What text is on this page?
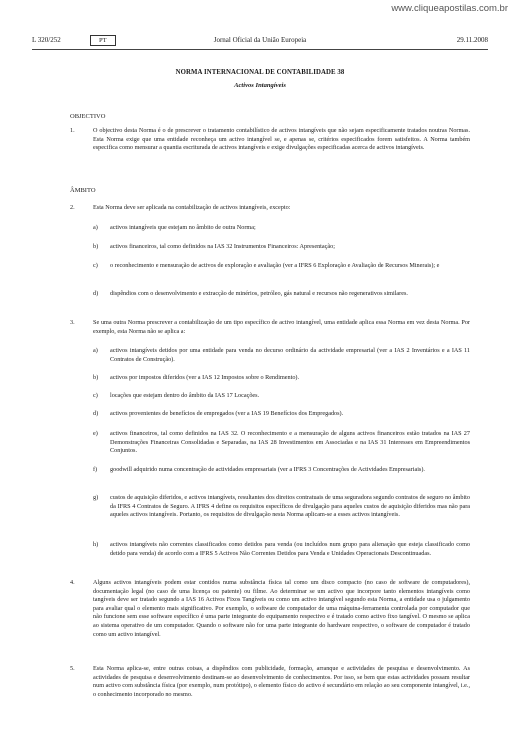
www.cliqueapostilas.com.br
L 320/252	PT	Jornal Oficial da União Europeia	29.11.2008
NORMA INTERNACIONAL DE CONTABILIDADE 38
Activos Intangíveis
OBJECTIVO
1.	O objectivo desta Norma é o de prescrever o tratamento contabilístico de activos intangíveis que não sejam especificamente tratados noutras Normas. Esta Norma exige que uma entidade reconheça um activo intangível se, e apenas se, critérios especificados forem satisfeitos. A Norma também especifica como mensurar a quantia escriturada de activos intangíveis e exige divulgações especificadas acerca de activos intangíveis.
ÂMBITO
2.	Esta Norma deve ser aplicada na contabilização de activos intangíveis, excepto:
a) activos intangíveis que estejam no âmbito de outra Norma;
b) activos financeiros, tal como definidos na IAS 32 Instrumentos Financeiros: Apresentação;
c) o reconhecimento e mensuração de activos de exploração e avaliação (ver a IFRS 6 Exploração e Avaliação de Recursos Minerais); e
d) dispêndios com o desenvolvimento e extracção de minérios, petróleo, gás natural e recursos não regenerativos similares.
3.	Se uma outra Norma prescrever a contabilização de um tipo específico de activo intangível, uma entidade aplica essa Norma em vez desta Norma. Por exemplo, esta Norma não se aplica a:
a) activos intangíveis detidos por uma entidade para venda no decurso ordinário da actividade empresarial (ver a IAS 2 Inventários e a IAS 11 Contratos de Construção).
b) activos por impostos diferidos (ver a IAS 12 Impostos sobre o Rendimento).
c) locações que estejam dentro do âmbito da IAS 17 Locações.
d) activos provenientes de benefícios de empregados (ver a IAS 19 Benefícios dos Empregados).
e) activos financeiros, tal como definidos na IAS 32. O reconhecimento e a mensuração de alguns activos financeiros estão tratados na IAS 27 Demonstrações Financeiras Consolidadas e Separadas, na IAS 28 Investimentos em Associadas e na IAS 31 Interesses em Empreendimentos Conjuntos.
f) goodwill adquirido numa concentração de actividades empresariais (ver a IFRS 3 Concentrações de Actividades Empresariais).
g) custos de aquisição diferidos, e activos intangíveis, resultantes dos direitos contratuais de uma seguradora segundo contratos de seguro no âmbito da IFRS 4 Contratos de Seguro. A IFRS 4 define os requisitos específicos de divulgação para aqueles custos de aquisição diferidos mas não para aqueles activos intangíveis. Portanto, os requisitos de divulgação nesta Norma aplicam-se a esses activos intangíveis.
h) activos intangíveis não correntes classificados como detidos para venda (ou incluídos num grupo para alienação que esteja classificado como detido para venda) de acordo com a IFRS 5 Activos Não Correntes Detidos para Venda e Unidades Operacionais Descontinuadas.
4.	Alguns activos intangíveis podem estar contidos numa substância física tal como um disco compacto (no caso de software de computadores), documentação legal (no caso de uma licença ou patente) ou filme. Ao determinar se um activo que incorpore tanto elementos intangíveis como tangíveis deve ser tratado segundo a IAS 16 Activos Fixos Tangíveis ou como um activo intangível segundo esta Norma, a entidade usa o julgamento para avaliar qual o elemento mais significativo. Por exemplo, o software de computador de uma máquina-ferramenta controlada por computador que não funcione sem esse software específico é uma parte integrante do equipamento respectivo e é tratado como activo fixo tangível. O mesmo se aplica ao sistema operativo de um computador. Quando o software não for uma parte integrante do hardware respectivo, o software de computador é tratado como um activo intangível.
5.	Esta Norma aplica-se, entre outras coisas, a dispêndios com publicidade, formação, arranque e actividades de pesquisa e desenvolvimento. As actividades de pesquisa e desenvolvimento destinam-se ao desenvolvimento de conhecimentos. Por isso, se bem que estas actividades possam resultar num activo com substância física (por exemplo, num protótipo), o elemento físico do activo é secundário em relação ao seu componente intangível, i.e., o conhecimento incorporado no mesmo.
